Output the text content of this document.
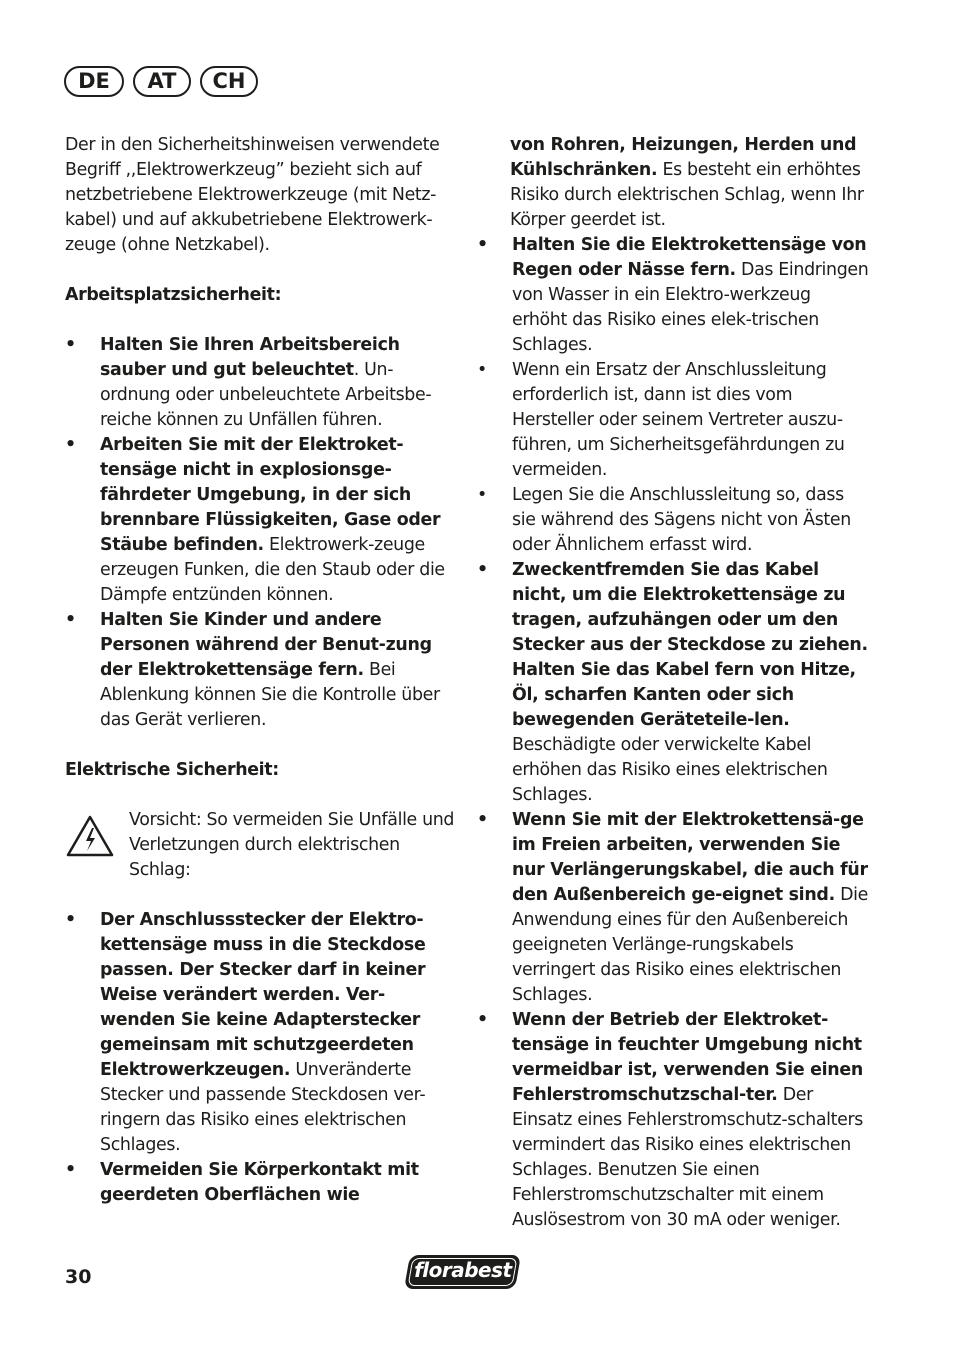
DE	AT	CH

Der in den Sicherheitshinweisen verwendete Begriff ,,Elektrowerkzeug” bezieht sich auf netzbetriebene Elektrowerkzeuge (mit Netz-kabel) und auf akkubetriebene Elektrowerk-zeuge (ohne Netzkabel).

Arbeitsplatzsicherheit:

• Halten Sie Ihren Arbeitsbereich sauber und gut beleuchtet. Un-ordnung oder unbeleuchtete Arbeitsbe-reiche können zu Unfällen führen.
• Arbeiten Sie mit der Elektroket-tensäge nicht in explosionsge-fährdeter Umgebung, in der sich brennbare Flüssigkeiten, Gase oder Stäube befinden. Elektrowerk-zeuge erzeugen Funken, die den Staub oder die Dämpfe entzünden können.
• Halten Sie Kinder und andere Personen während der Benut-zung der Elektrokettensäge fern. Bei Ablenkung können Sie die Kontrolle über das Gerät verlieren.

Elektrische Sicherheit:

Vorsicht: So vermeiden Sie Unfälle und Verletzungen durch elektrischen Schlag:

• Der Anschlussstecker der Elektro-kettensäge muss in die Steckdose passen. Der Stecker darf in keiner Weise verändert werden. Ver-wenden Sie keine Adapterstecker gemeinsam mit schutzgeerdeten Elektrowerkzeugen. Unveränderte Stecker und passende Steckdosen ver-ringern das Risiko eines elektrischen Schlages.
• Vermeiden Sie Körperkontakt mit geerdeten Oberflächen wie
von Rohren, Heizungen, Herden und Kühlschränken. Es besteht ein erhöhtes Risiko durch elektrischen Schlag, wenn Ihr Körper geerdet ist.
• Halten Sie die Elektrokettensäge von Regen oder Nässe fern. Das Eindringen von Wasser in ein Elektro-werkzeug erhöht das Risiko eines elek-trischen Schlages.
• Wenn ein Ersatz der Anschlussleitung erforderlich ist, dann ist dies vom Hersteller oder seinem Vertreter auszu-führen, um Sicherheitsgefährdungen zu vermeiden.
• Legen Sie die Anschlussleitung so, dass sie während des Sägens nicht von Ästen oder Ähnlichem erfasst wird.
• Zweckentfremden Sie das Kabel nicht, um die Elektrokettensäge zu tragen, aufzuhängen oder um den Stecker aus der Steckdose zu ziehen. Halten Sie das Kabel fern von Hitze, Öl, scharfen Kanten oder sich bewegenden Geräteteile-len. Beschädigte oder verwickelte Kabel erhöhen das Risiko eines elektrischen Schlages.
• Wenn Sie mit der Elektrokettensä-ge im Freien arbeiten, verwenden Sie nur Verlängerungskabel, die auch für den Außenbereich ge-eignet sind. Die Anwendung eines für den Außenbereich geeigneten Verlänge-rungskabels verringert das Risiko eines elektrischen Schlages.
• Wenn der Betrieb der Elektroket-tensäge in feuchter Umgebung nicht vermeidbar ist, verwenden Sie einen Fehlerstromschutzschal-ter. Der Einsatz eines Fehlerstromschutz-schalters vermindert das Risiko eines elektrischen Schlages. Benutzen Sie einen Fehlerstromschutzschalter mit einem Auslösestrom von 30 mA oder weniger.
30	florabest
